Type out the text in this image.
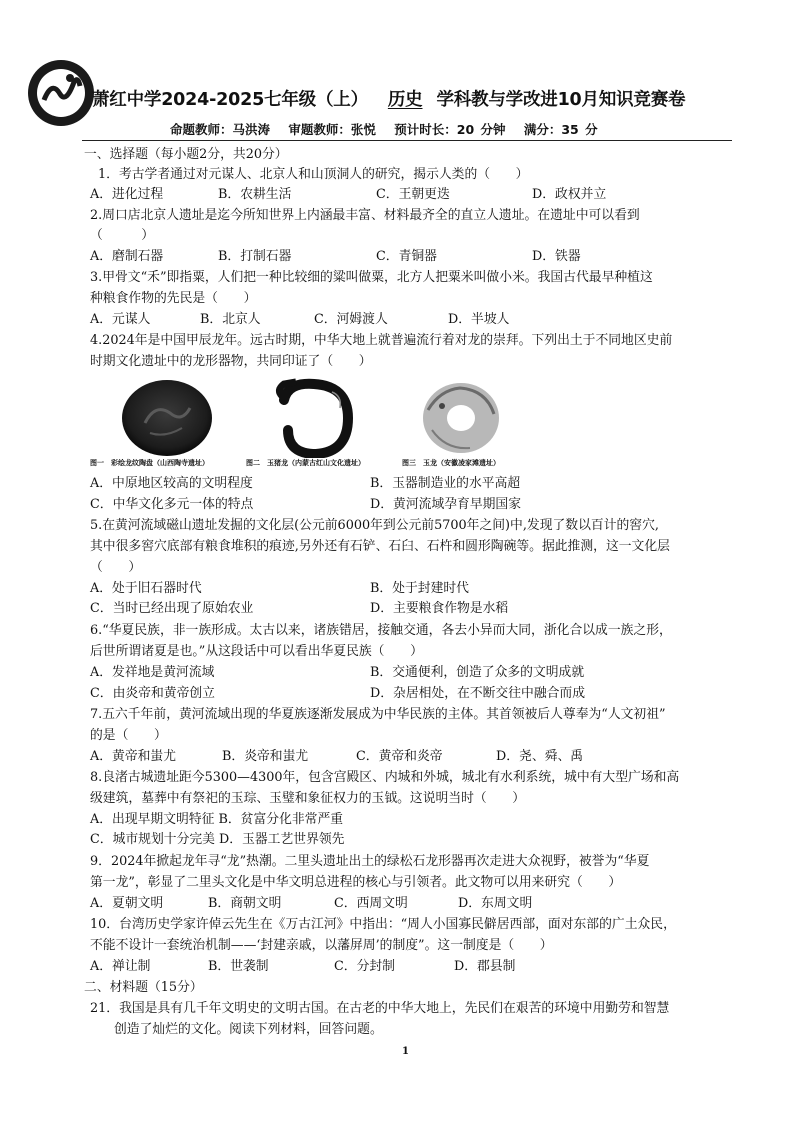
萧红中学2024-2025七年级（上） 历史 学科教与学改进10月知识竞赛卷
命题教师：马洪涛 审题教师：张悦 预计时长：20 分钟 满分：35 分
一、选择题（每小题2分，共20分）
1．考古学者通过对元谋人、北京人和山顶洞人的研究，揭示人类的（　　）
A．进化过程	B．农耕生活	C．王朝更迭	D．政权并立
2.周口店北京人遗址是迄今所知世界上内涵最丰富、材料最齐全的直立人遗址。在遗址中可以看到
（　　　）
A．磨制石器	B．打制石器	C．青铜器	D．铁器
3.甲骨文“禾”即指粟，人们把一种比较细的粱叫做粟，北方人把粟米叫做小米。我国古代最早种植这
种粮食作物的先民是（　　）
A．元谋人	B．北京人	C．河姆渡人	D．半坡人
4.2024年是中国甲辰龙年。远古时期，中华大地上就普遍流行着对龙的崇拜。下列出土于不同地区史前
时期文化遗址中的龙形器物，共同印证了（　　）
图一　彩绘龙纹陶盘（山西陶寺遗址）	图二　玉猪龙（内蒙古红山文化遗址）	图三　玉龙（安徽凌家滩遗址）
A．中原地区较高的文明程度	B．玉器制造业的水平高超
C．中华文化多元一体的特点	D．黄河流域孕育早期国家
5.在黄河流域磁山遗址发掘的文化层(公元前6000年到公元前5700年之间)中,发现了数以百计的窖穴,
其中很多窖穴底部有粮食堆积的痕迹,另外还有石铲、石臼、石杵和圆形陶碗等。据此推测，这一文化层
（　　）
A．处于旧石器时代	B．处于封建时代
C．当时已经出现了原始农业	D．主要粮食作物是水稻
6.“华夏民族，非一族形成。太古以来，诸族错居，接触交通，各去小异而大同，浙化合以成一族之形，
后世所谓诸夏是也。”从这段话中可以看出华夏民族（　　）
A．发祥地是黄河流域	B．交通便利，创造了众多的文明成就
C．由炎帝和黄帝创立	D．杂居相处，在不断交往中融合而成
7.五六千年前，黄河流域出现的华夏族逐渐发展成为中华民族的主体。其首领被后人尊奉为“人文初祖”
的是（　　）
A．黄帝和蚩尤	B．炎帝和蚩尤	C．黄帝和炎帝	D．尧、舜、禹
8.良渚古城遗址距今5300—4300年，包含宫殿区、内城和外城，城北有水利系统，城中有大型广场和高
级建筑，墓葬中有祭祀的玉琮、玉璧和象征权力的玉钺。这说明当时（　　）
A．出现早期文明特征 B．贫富分化非常严重
C．城市规划十分完美 D．玉器工艺世界领先
9．2024年掀起龙年寻“龙”热潮。二里头遗址出土的绿松石龙形器再次走进大众视野，被誉为“华夏
第一龙”，彰显了二里头文化是中华文明总进程的核心与引领者。此文物可以用来研究（　　）
A．夏朝文明	B．商朝文明	C．西周文明	D．东周文明
10．台湾历史学家许倬云先生在《万古江河》中指出：“周人小国寡民僻居西部，面对东部的广土众民，
不能不设计一套统治机制——‘封建亲戚，以藩屏周’的制度”。这一制度是（　　）
A．禅让制	B．世袭制	C．分封制	D．郡县制
二、材料题（15分）
21．我国是具有几千年文明史的文明古国。在古老的中华大地上，先民们在艰苦的环境中用勤劳和智慧
创造了灿烂的文化。阅读下列材料，回答问题。
1
